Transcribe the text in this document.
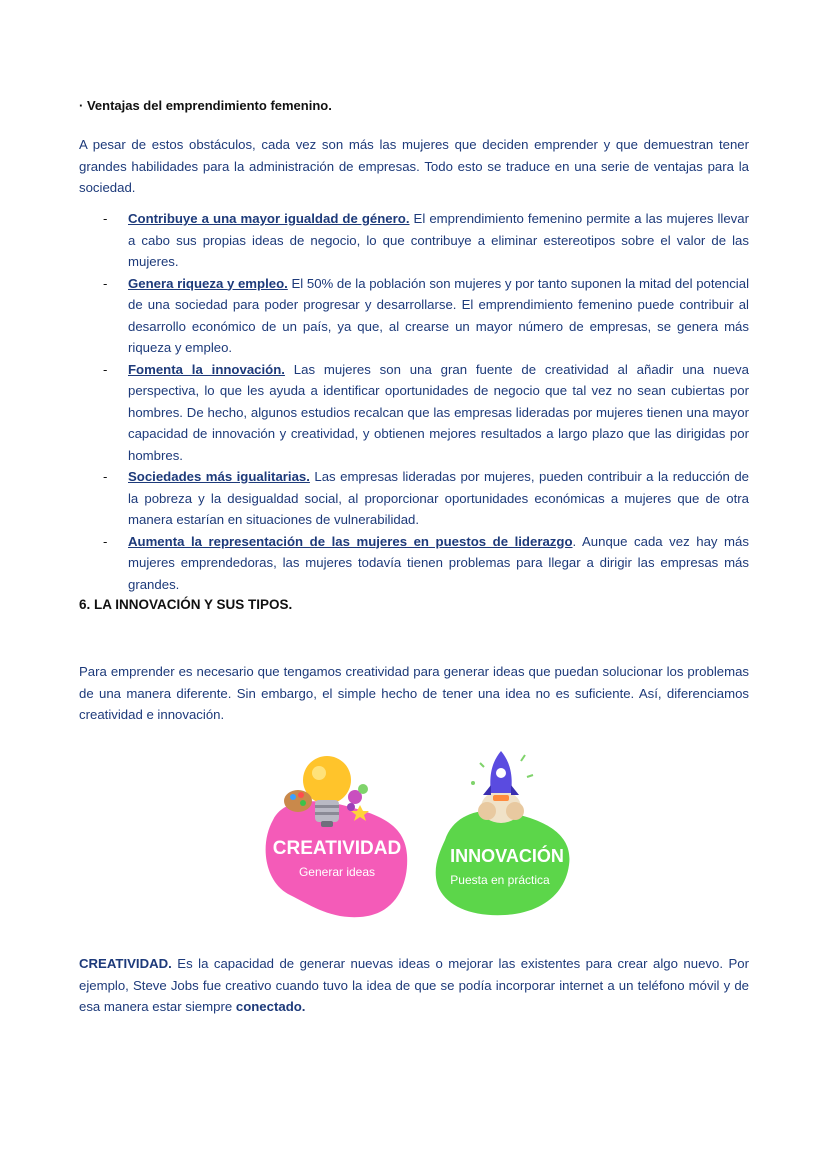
· Ventajas del emprendimiento femenino.

A pesar de estos obstáculos, cada vez son más las mujeres que deciden emprender y que demuestran tener grandes habilidades para la administración de empresas. Todo esto se traduce en una serie de ventajas para la sociedad.

- Contribuye a una mayor igualdad de género. El emprendimiento femenino permite a las mujeres llevar a cabo sus propias ideas de negocio, lo que contribuye a eliminar estereotipos sobre el valor de las mujeres.
- Genera riqueza y empleo. El 50% de la población son mujeres y por tanto suponen la mitad del potencial de una sociedad para poder progresar y desarrollarse. El emprendimiento femenino puede contribuir al desarrollo económico de un país, ya que, al crearse un mayor número de empresas, se genera más riqueza y empleo.
- Fomenta la innovación. Las mujeres son una gran fuente de creatividad al añadir una nueva perspectiva, lo que les ayuda a identificar oportunidades de negocio que tal vez no sean cubiertas por hombres. De hecho, algunos estudios recalcan que las empresas lideradas por mujeres tienen una mayor capacidad de innovación y creatividad, y obtienen mejores resultados a largo plazo que las dirigidas por hombres.
- Sociedades más igualitarias. Las empresas lideradas por mujeres, pueden contribuir a la reducción de la pobreza y la desigualdad social, al proporcionar oportunidades económicas a mujeres que de otra manera estarían en situaciones de vulnerabilidad.
- Aumenta la representación de las mujeres en puestos de liderazgo. Aunque cada vez hay más mujeres emprendedoras, las mujeres todavía tienen problemas para llegar a dirigir las empresas más grandes.
6. LA INNOVACIÓN Y SUS TIPOS.

Para emprender es necesario que tengamos creatividad para generar ideas que puedan solucionar los problemas de una manera diferente. Sin embargo, el simple hecho de tener una idea no es suficiente. Así, diferenciamos creatividad e innovación.

CREATIVIDAD
Generar ideas
INNOVACIÓN
Puesta en práctica

CREATIVIDAD. Es la capacidad de generar nuevas ideas o mejorar las existentes para crear algo nuevo. Por ejemplo, Steve Jobs fue creativo cuando tuvo la idea de que se podía incorporar internet a un teléfono móvil y de esa manera estar siempre conectado.
